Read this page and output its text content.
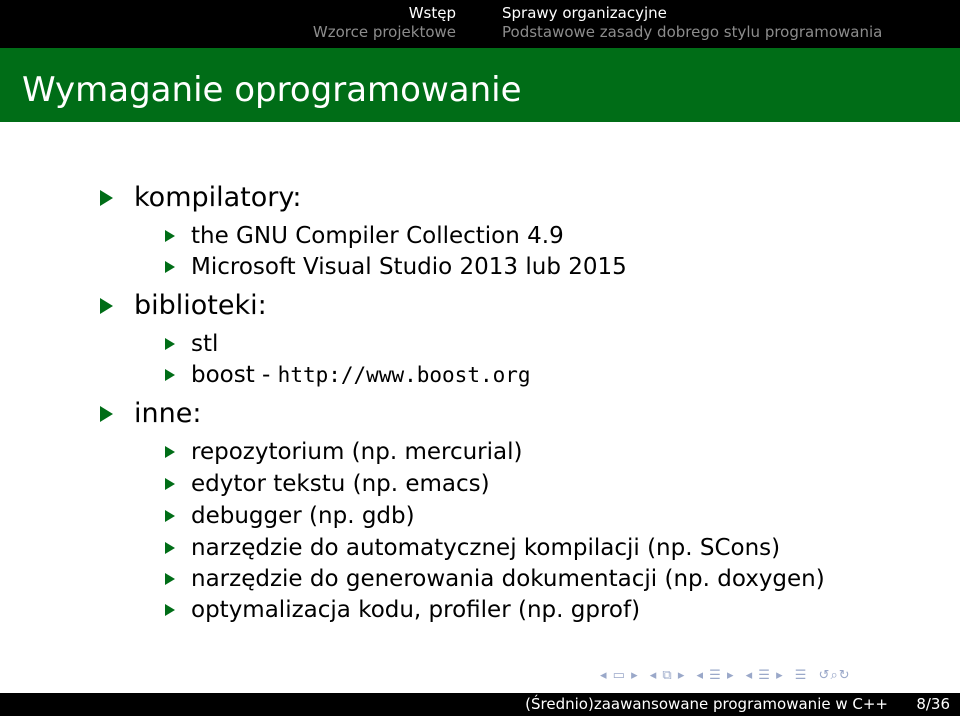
Wstęp
Wzorce projektowe
Sprawy organizacyjne
Podstawowe zasady dobrego stylu programowania
Wymaganie oprogramowanie
kompilatory:
the GNU Compiler Collection 4.9
Microsoft Visual Studio 2013 lub 2015
biblioteki:
stl
boost - http://www.boost.org
inne:
repozytorium (np. mercurial)
edytor tekstu (np. emacs)
debugger (np. gdb)
narzędzie do automatycznej kompilacji (np. SCons)
narzędzie do generowania dokumentacji (np. doxygen)
optymalizacja kodu, profiler (np. gprof)
◂ ▭ ▸ ◂ ⧉ ▸ ◂ ☰ ▸ ◂ ☰ ▸ ☰ ↺⌕↻
(Średnio)zaawansowane programowanie w C++ 8/36
